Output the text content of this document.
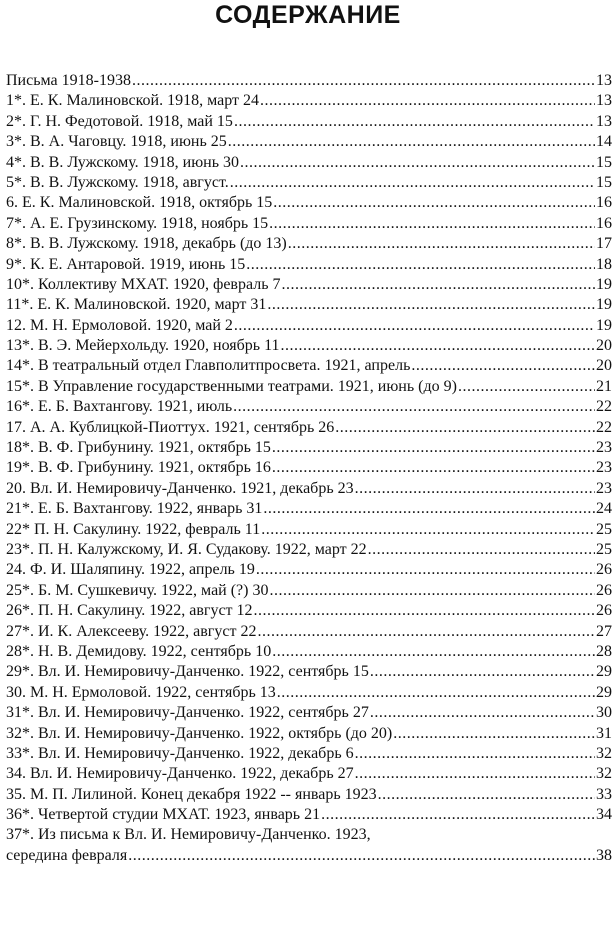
СОДЕРЖАНИЕ
Письма 1918-1938 .....	13
1*. Е. К. Малиновской. 1918, март 24 .....	13
2*. Г. Н. Федотовой. 1918, май 15 .....	13
3*. В. А. Чаговцу. 1918, июнь 25 .....	14
4*. В. В. Лужскому. 1918, июнь 30 .....	15
5*. В. В. Лужскому. 1918, август. .....	15
6. Е. К. Малиновской. 1918, октябрь 15 .....	16
7*. А. Е. Грузинскому. 1918, ноябрь 15 .....	16
8*. В. В. Лужскому. 1918, декабрь (до 13) .....	17
9*. К. Е. Антаровой. 1919, июнь 15 .....	18
10*. Коллективу МХАТ. 1920, февраль 7 .....	19
11*. Е. К. Малиновской. 1920, март 31 .....	19
12. М. Н. Ермоловой. 1920, май 2 .....	19
13*. В. Э. Мейерхольду. 1920, ноябрь 11 .....	20
14*. В театральный отдел Главполитпросвета. 1921, апрель .....	20
15*. В Управление государственными театрами. 1921, июнь (до 9) .....	21
16*. Е. Б. Вахтангову. 1921, июль .....	22
17. А. А. Кублицкой-Пиоттух. 1921, сентябрь 26 .....	22
18*. В. Ф. Грибунину. 1921, октябрь 15 .....	23
19*. В. Ф. Грибунину. 1921, октябрь 16 .....	23
20. Вл. И. Немировичу-Данченко. 1921, декабрь 23 .....	23
21*. Е. Б. Вахтангову. 1922, январь 31 .....	24
22* П. Н. Сакулину. 1922, февраль 11 .....	25
23*. П. Н. Калужскому, И. Я. Судакову. 1922, март 22 .....	25
24. Ф. И. Шаляпину. 1922, апрель 19 .....	26
25*. Б. М. Сушкевичу. 1922, май (?) 30 .....	26
26*. П. Н. Сакулину. 1922, август 12 .....	26
27*. И. К. Алексееву. 1922, август 22 .....	27
28*. Н. В. Демидову. 1922, сентябрь 10 .....	28
29*. Вл. И. Немировичу-Данченко. 1922, сентябрь 15 .....	29
30. М. Н. Ермоловой. 1922, сентябрь 13 .....	29
31*. Вл. И. Немировичу-Данченко. 1922, сентябрь 27 .....	30
32*. Вл. И. Немировичу-Данченко. 1922, октябрь (до 20) .....	31
33*. Вл. И. Немировичу-Данченко. 1922, декабрь 6 .....	32
34. Вл. И. Немировичу-Данченко. 1922, декабрь 27 .....	32
35. М. П. Лилиной. Конец декабря 1922 -- январь 1923 .....	33
36*. Четвертой студии МХАТ. 1923, январь 21 .....	34
37*. Из письма к Вл. И. Немировичу-Данченко. 1923,
середина февраля .....	38
